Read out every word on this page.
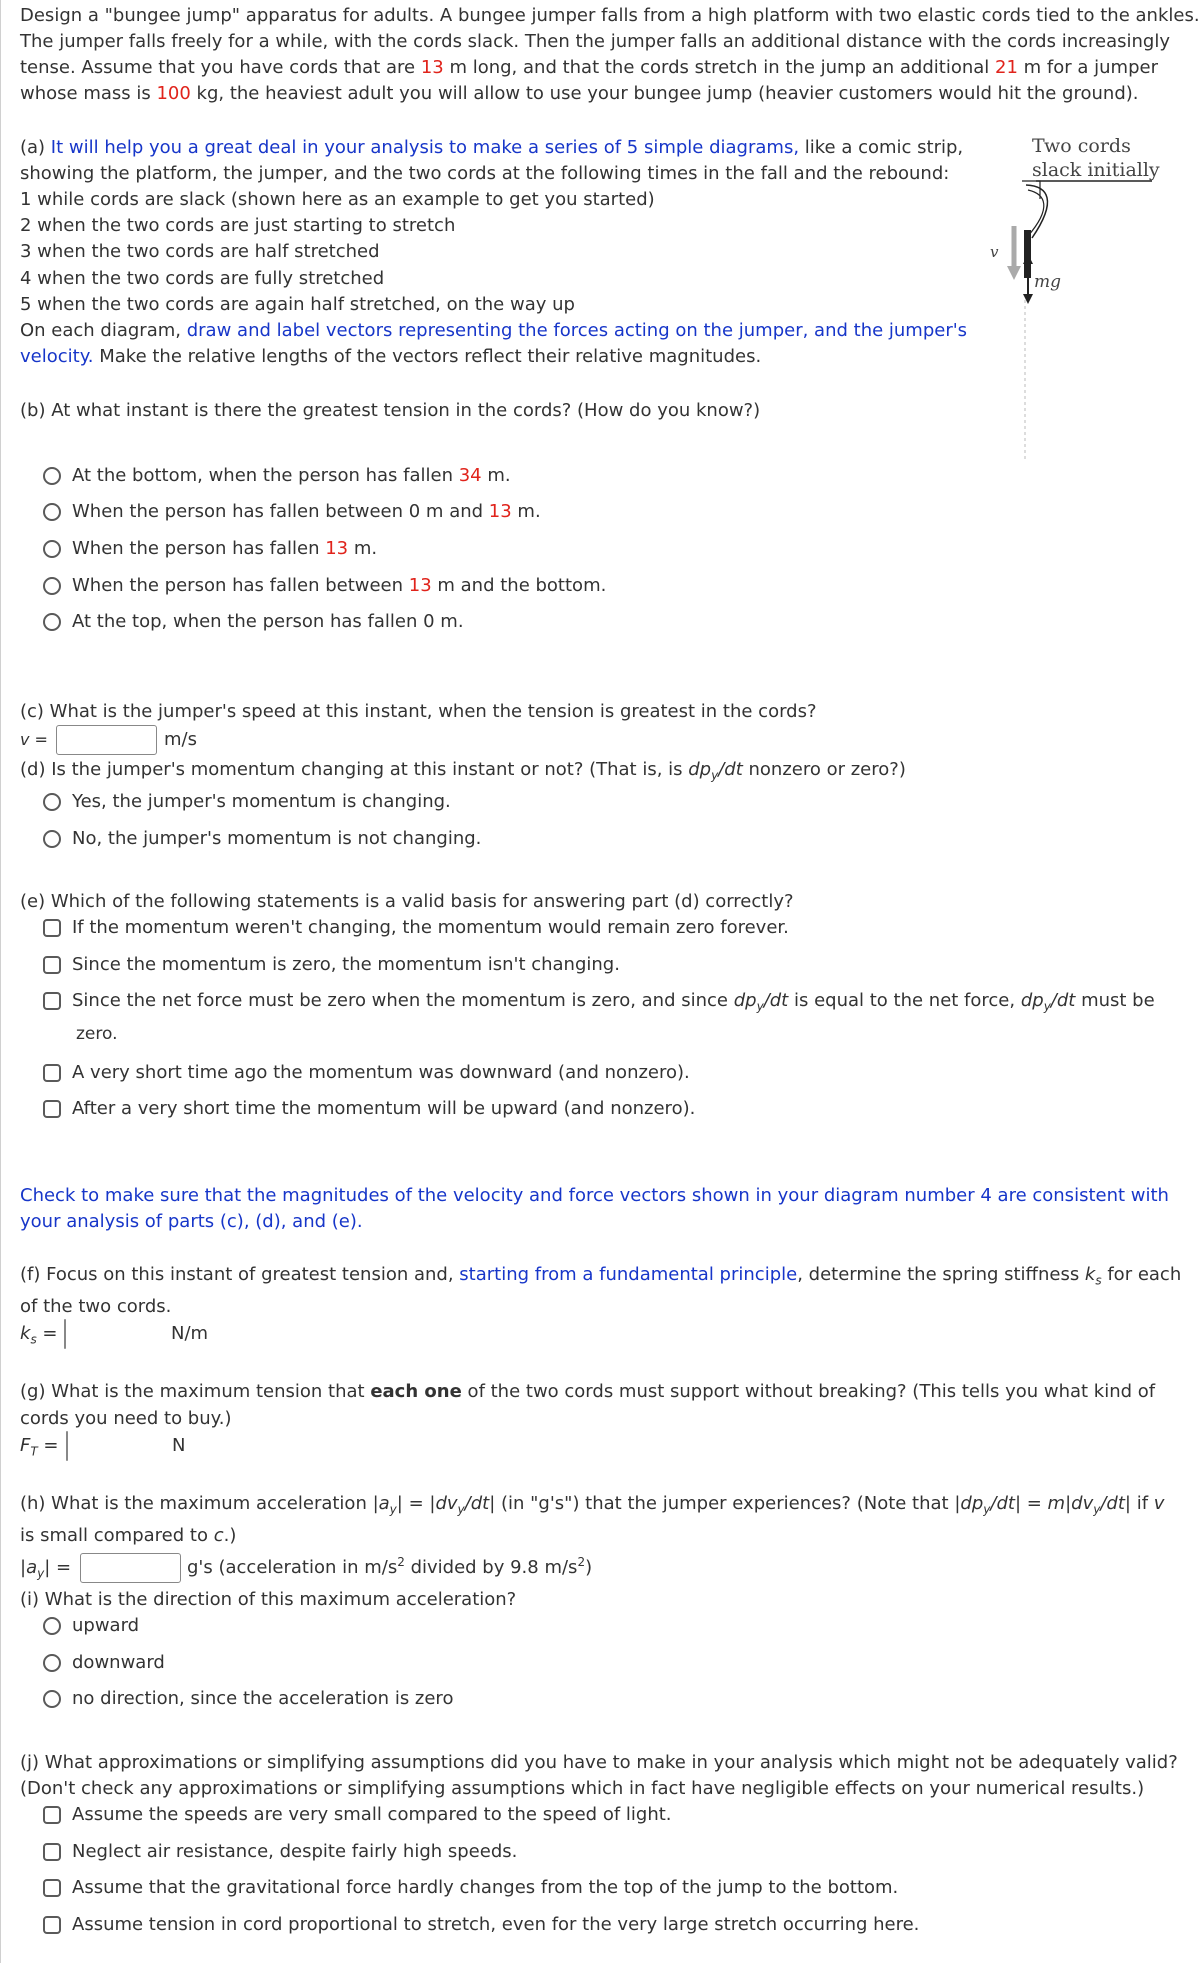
Design a "bungee jump" apparatus for adults. A bungee jumper falls from a high platform with two elastic cords tied to the ankles.
The jumper falls freely for a while, with the cords slack. Then the jumper falls an additional distance with the cords increasingly
tense. Assume that you have cords that are 13 m long, and that the cords stretch in the jump an additional 21 m for a jumper
whose mass is 100 kg, the heaviest adult you will allow to use your bungee jump (heavier customers would hit the ground).
Two cords
slack initially
v
mg
(a) It will help you a great deal in your analysis to make a series of 5 simple diagrams, like a comic strip,
showing the platform, the jumper, and the two cords at the following times in the fall and the rebound:
1 while cords are slack (shown here as an example to get you started)
2 when the two cords are just starting to stretch
3 when the two cords are half stretched
4 when the two cords are fully stretched
5 when the two cords are again half stretched, on the way up
On each diagram, draw and label vectors representing the forces acting on the jumper, and the jumper's
velocity. Make the relative lengths of the vectors reflect their relative magnitudes.
(b) At what instant is there the greatest tension in the cords? (How do you know?)
At the bottom, when the person has fallen 34 m.
When the person has fallen between 0 m and 13 m.
When the person has fallen 13 m.
When the person has fallen between 13 m and the bottom.
At the top, when the person has fallen 0 m.
(c) What is the jumper's speed at this instant, when the tension is greatest in the cords?
v =	m/s
(d) Is the jumper's momentum changing at this instant or not? (That is, is $dp_y/dt$ nonzero or zero?)
Yes, the jumper's momentum is changing.
No, the jumper's momentum is not changing.
(e) Which of the following statements is a valid basis for answering part (d) correctly?
If the momentum weren't changing, the momentum would remain zero forever.
Since the momentum is zero, the momentum isn't changing.
Since the net force must be zero when the momentum is zero, and since $dp_y/dt$ is equal to the net force, $dp_y/dt$ must be
zero.
A very short time ago the momentum was downward (and nonzero).
After a very short time the momentum will be upward (and nonzero).
Check to make sure that the magnitudes of the velocity and force vectors shown in your diagram number 4 are consistent with
your analysis of parts (c), (d), and (e).
(f) Focus on this instant of greatest tension and, starting from a fundamental principle, determine the spring stiffness $k_s$ for each
of the two cords.
$k_s$ =	N/m
(g) What is the maximum tension that each one of the two cords must support without breaking? (This tells you what kind of
cords you need to buy.)
$F_T$ =	N
(h) What is the maximum acceleration $|a_y| = |dv_y/dt|$ (in "g's") that the jumper experiences? (Note that $|dp_y/dt| = m|dv_y/dt|$ if v
is small compared to c.)
$|a_y|$ =	g's (acceleration in $m/s^2$ divided by 9.8 $m/s^2$)
(i) What is the direction of this maximum acceleration?
upward
downward
no direction, since the acceleration is zero
(j) What approximations or simplifying assumptions did you have to make in your analysis which might not be adequately valid?
(Don't check any approximations or simplifying assumptions which in fact have negligible effects on your numerical results.)
Assume the speeds are very small compared to the speed of light.
Neglect air resistance, despite fairly high speeds.
Assume that the gravitational force hardly changes from the top of the jump to the bottom.
Assume tension in cord proportional to stretch, even for the very large stretch occurring here.
